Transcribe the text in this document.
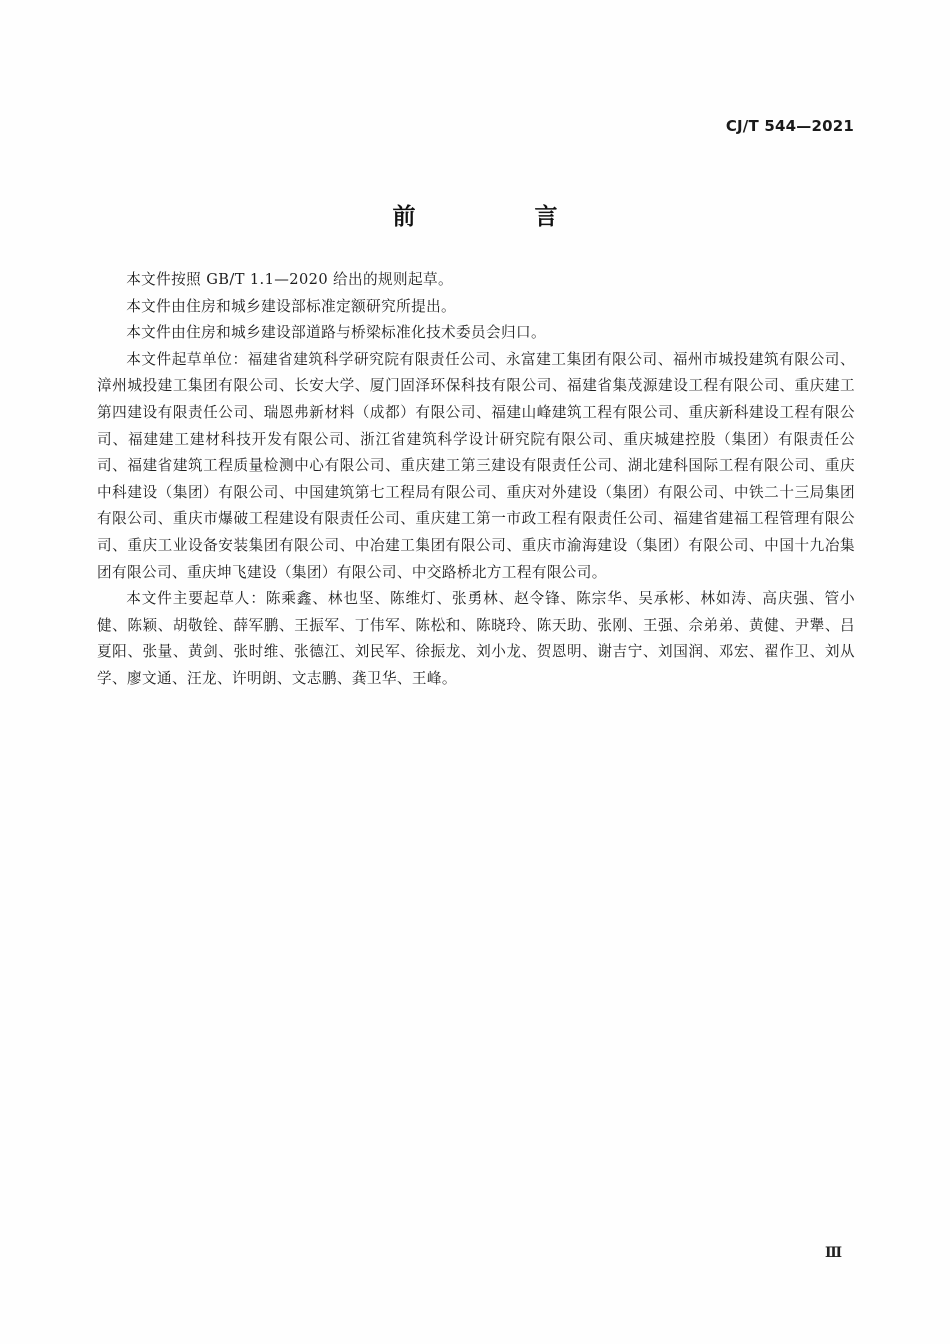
CJ/T 544—2021
前　言

本文件按照 GB/T 1.1—2020 给出的规则起草。

本文件由住房和城乡建设部标准定额研究所提出。

本文件由住房和城乡建设部道路与桥梁标准化技术委员会归口。

本文件起草单位：福建省建筑科学研究院有限责任公司、永富建工集团有限公司、福州市城投建筑有限公司、漳州城投建工集团有限公司、长安大学、厦门固泽环保科技有限公司、福建省集茂源建设工程有限公司、重庆建工第四建设有限责任公司、瑞恩弗新材料（成都）有限公司、福建山峰建筑工程有限公司、重庆新科建设工程有限公司、福建建工建材科技开发有限公司、浙江省建筑科学设计研究院有限公司、重庆城建控股（集团）有限责任公司、福建省建筑工程质量检测中心有限公司、重庆建工第三建设有限责任公司、湖北建科国际工程有限公司、重庆中科建设（集团）有限公司、中国建筑第七工程局有限公司、重庆对外建设（集团）有限公司、中铁二十三局集团有限公司、重庆市爆破工程建设有限责任公司、重庆建工第一市政工程有限责任公司、福建省建福工程管理有限公司、重庆工业设备安装集团有限公司、中冶建工集团有限公司、重庆市渝海建设（集团）有限公司、中国十九冶集团有限公司、重庆坤飞建设（集团）有限公司、中交路桥北方工程有限公司。

本文件主要起草人：陈乘鑫、林也坚、陈维灯、张勇林、赵令锋、陈宗华、吴承彬、林如涛、高庆强、管小健、陈颖、胡敬铨、薛军鹏、王振军、丁伟军、陈松和、陈晓玲、陈天助、张刚、王强、佘弟弟、黄健、尹犟、吕夏阳、张量、黄剑、张时维、张德江、刘民军、徐振龙、刘小龙、贺恩明、谢吉宁、刘国润、邓宏、翟作卫、刘从学、廖文通、汪龙、许明朗、文志鹏、龚卫华、王峰。

Ⅲ
